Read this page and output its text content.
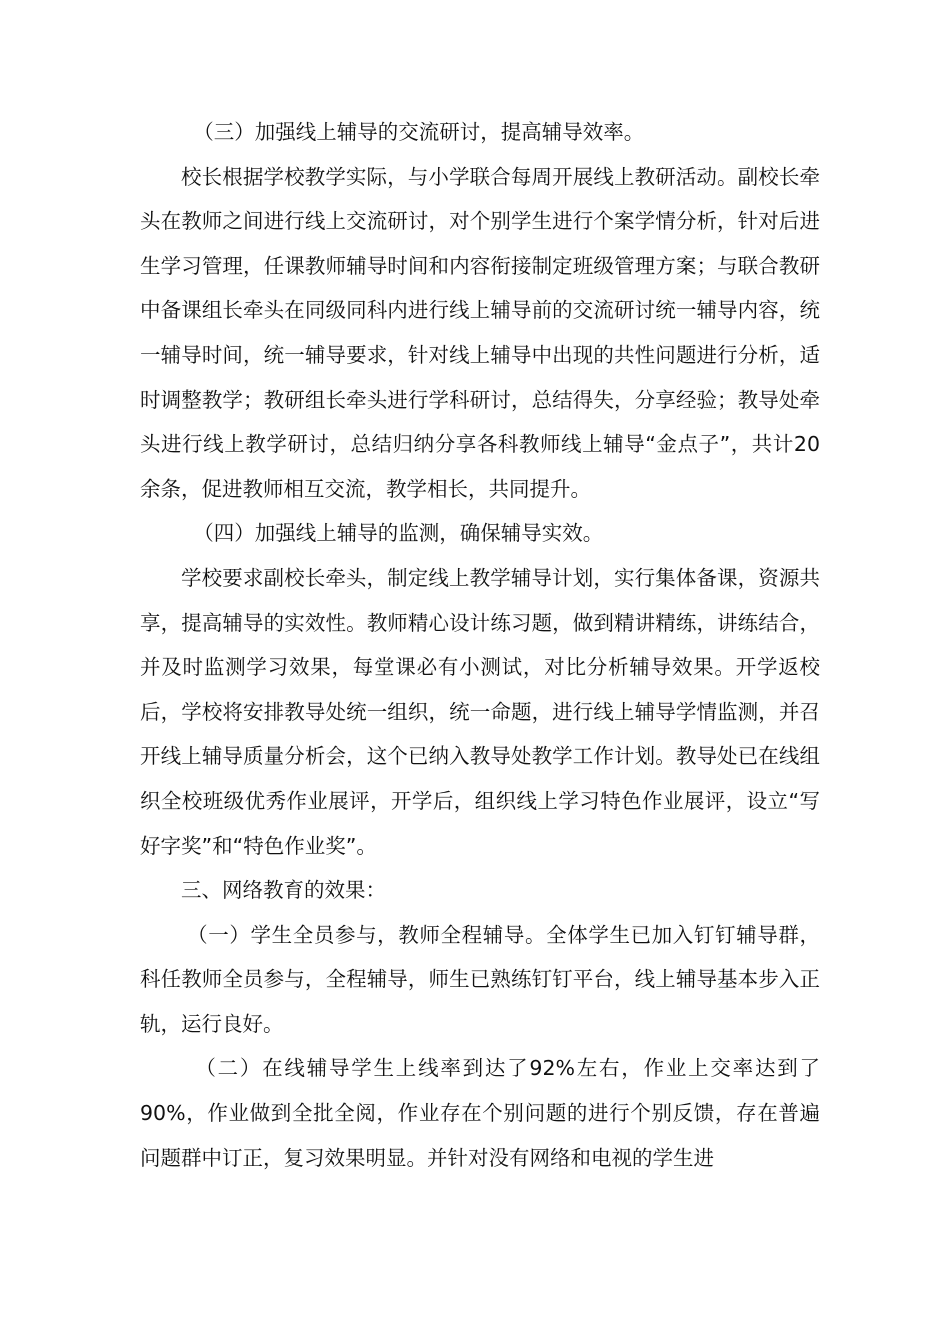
（三）加强线上辅导的交流研讨，提高辅导效率。

校长根据学校教学实际，与小学联合每周开展线上教研活动。副校长牵头在教师之间进行线上交流研讨，对个别学生进行个案学情分析，针对后进生学习管理，任课教师辅导时间和内容衔接制定班级管理方案；与联合教研中备课组长牵头在同级同科内进行线上辅导前的交流研讨统一辅导内容，统一辅导时间，统一辅导要求，针对线上辅导中出现的共性问题进行分析，适时调整教学；教研组长牵头进行学科研讨，总结得失，分享经验；教导处牵头进行线上教学研讨，总结归纳分享各科教师线上辅导“金点子”，共计20余条，促进教师相互交流，教学相长，共同提升。

（四）加强线上辅导的监测，确保辅导实效。

学校要求副校长牵头，制定线上教学辅导计划，实行集体备课，资源共享，提高辅导的实效性。教师精心设计练习题，做到精讲精练，讲练结合，并及时监测学习效果，每堂课必有小测试，对比分析辅导效果。开学返校后，学校将安排教导处统一组织，统一命题，进行线上辅导学情监测，并召开线上辅导质量分析会，这个已纳入教导处教学工作计划。教导处已在线组织全校班级优秀作业展评，开学后，组织线上学习特色作业展评，设立“写好字奖”和“特色作业奖”。

三、网络教育的效果：

（一）学生全员参与，教师全程辅导。全体学生已加入钉钉辅导群，科任教师全员参与，全程辅导，师生已熟练钉钉平台，线上辅导基本步入正轨，运行良好。

（二）在线辅导学生上线率到达了92%左右，作业上交率达到了90%，作业做到全批全阅，作业存在个别问题的进行个别反馈，存在普遍问题群中订正，复习效果明显。并针对没有网络和电视的学生进
